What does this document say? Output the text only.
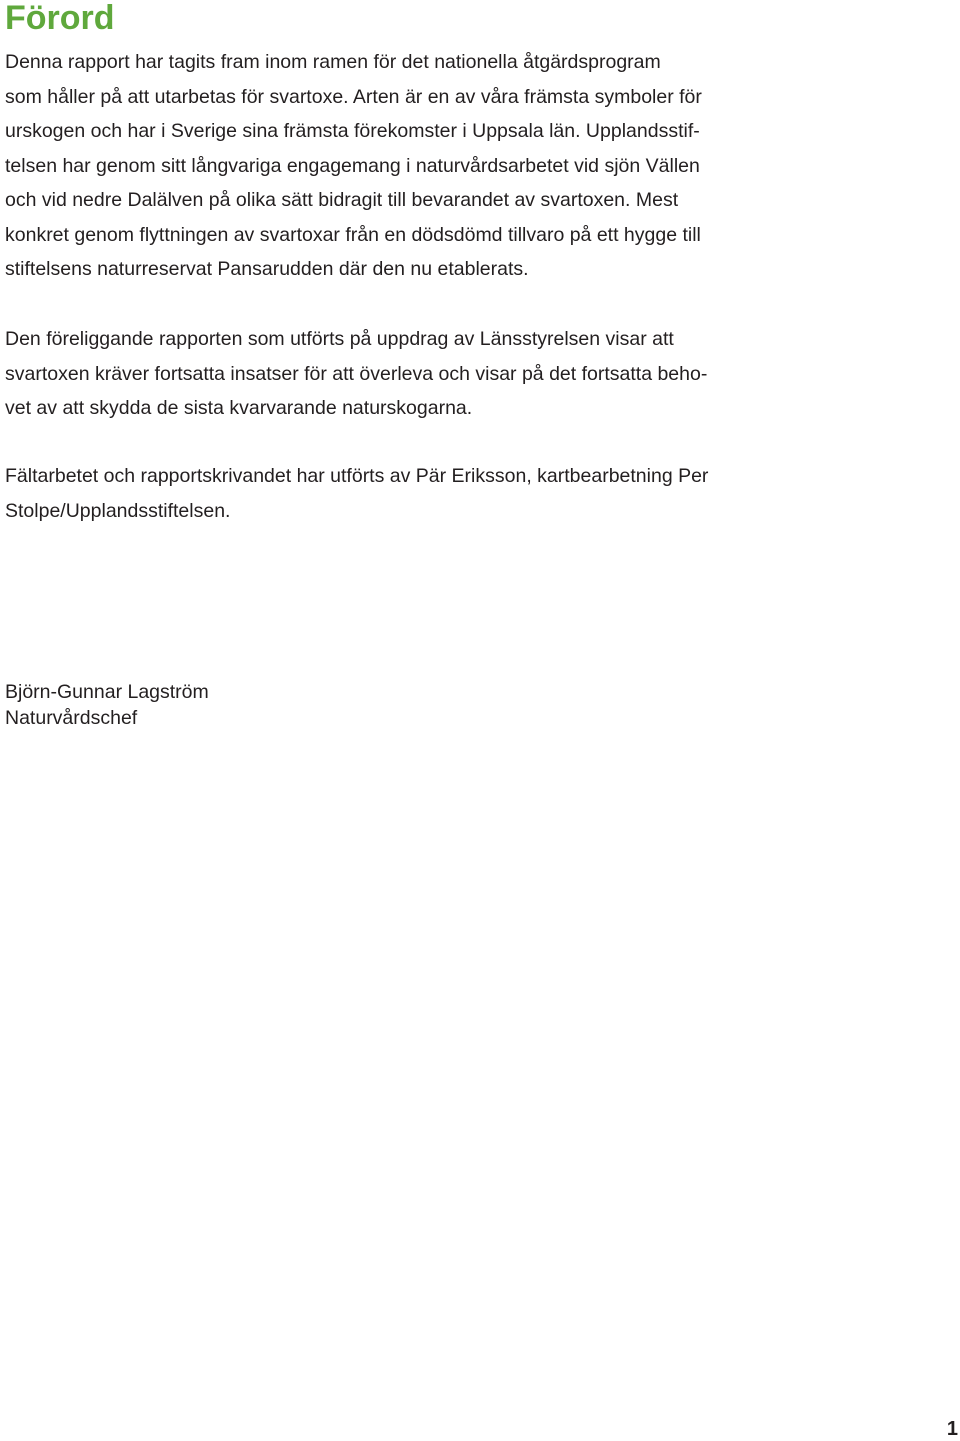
Förord

Denna rapport har tagits fram inom ramen för det nationella åtgärdsprogram
som håller på att utarbetas för svartoxe. Arten är en av våra främsta symboler för
urskogen och har i Sverige sina främsta förekomster i Uppsala län. Upplandsstif-
telsen har genom sitt långvariga engagemang i naturvårdsarbetet vid sjön Vällen
och vid nedre Dalälven på olika sätt bidragit till bevarandet av svartoxen. Mest
konkret genom flyttningen av svartoxar från en dödsdömd tillvaro på ett hygge till
stiftelsens naturreservat Pansarudden där den nu etablerats.

Den föreliggande rapporten som utförts på uppdrag av Länsstyrelsen visar att
svartoxen kräver fortsatta insatser för att överleva och visar på det fortsatta beho-
vet av att skydda de sista kvarvarande naturskogarna.

Fältarbetet och rapportskrivandet har utförts av Pär Eriksson, kartbearbetning Per
Stolpe/Upplandsstiftelsen.

Björn-Gunnar Lagström

Naturvårdschef

1
